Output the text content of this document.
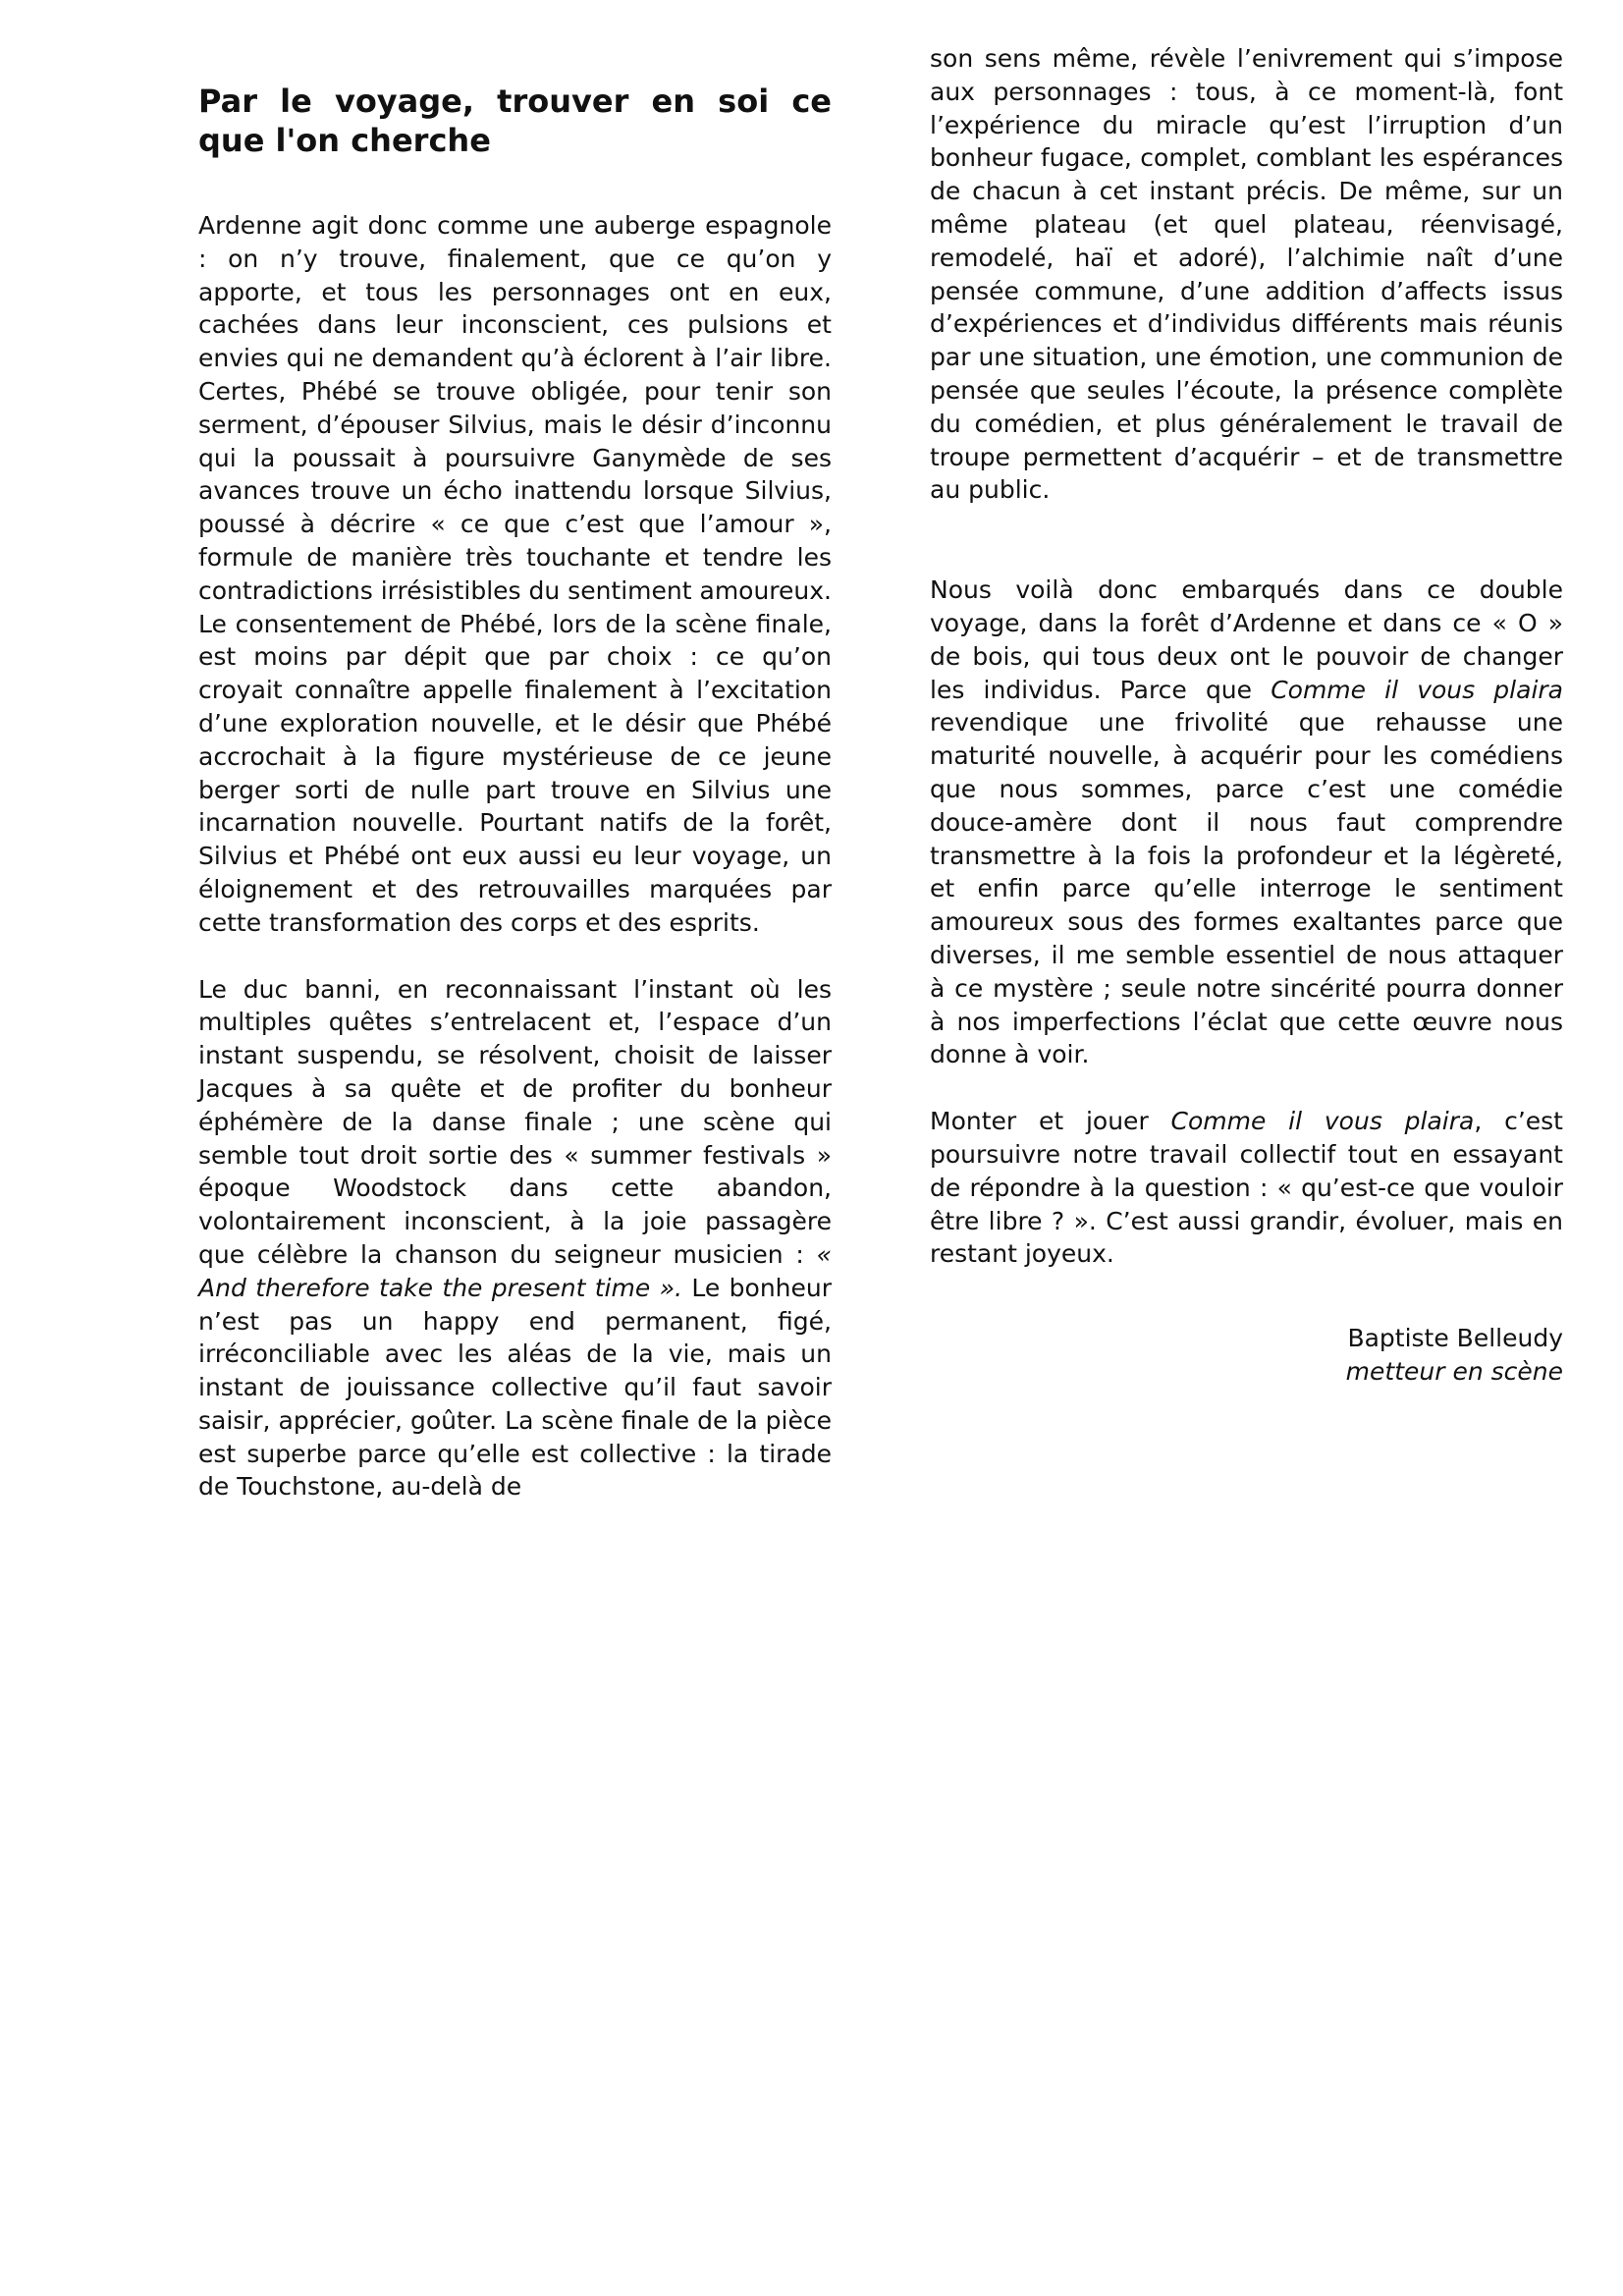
Par le voyage, trouver en soi ce que l'on cherche

Ardenne agit donc comme une auberge espagnole : on n’y trouve, finalement, que ce qu’on y apporte, et tous les personnages ont en eux, cachées dans leur inconscient, ces pulsions et envies qui ne demandent qu’à éclorent à l’air libre. Certes, Phébé se trouve obligée, pour tenir son serment, d’épouser Silvius, mais le désir d’inconnu qui la poussait à poursuivre Ganymède de ses avances trouve un écho inattendu lorsque Silvius, poussé à décrire « ce que c’est que l’amour », formule de manière très touchante et tendre les contradictions irrésistibles du sentiment amoureux. Le consentement de Phébé, lors de la scène finale, est moins par dépit que par choix : ce qu’on croyait connaître appelle finalement à l’excitation d’une exploration nouvelle, et le désir que Phébé accrochait à la figure mystérieuse de ce jeune berger sorti de nulle part trouve en Silvius une incarnation nouvelle. Pourtant natifs de la forêt, Silvius et Phébé ont eux aussi eu leur voyage, un éloignement et des retrouvailles marquées par cette transformation des corps et des esprits.

Le duc banni, en reconnaissant l’instant où les multiples quêtes s’entrelacent et, l’espace d’un instant suspendu, se résolvent, choisit de laisser Jacques à sa quête et de profiter du bonheur éphémère de la danse finale ; une scène qui semble tout droit sortie des « summer festivals » époque Woodstock dans cette abandon, volontairement inconscient, à la joie passagère que célèbre la chanson du seigneur musicien : « And therefore take the present time ». Le bonheur n’est pas un happy end permanent, figé, irréconciliable avec les aléas de la vie, mais un instant de jouissance collective qu’il faut savoir saisir, apprécier, goûter. La scène finale de la pièce est superbe parce qu’elle est collective : la tirade de Touchstone, au-delà de

son sens même, révèle l’enivrement qui s’impose aux personnages : tous, à ce moment-là, font l’expérience du miracle qu’est l’irruption d’un bonheur fugace, complet, comblant les espérances de chacun à cet instant précis. De même, sur un même plateau (et quel plateau, réenvisagé, remodelé, haï et adoré), l’alchimie naît d’une pensée commune, d’une addition d’affects issus d’expériences et d’individus différents mais réunis par une situation, une émotion, une communion de pensée que seules l’écoute, la présence complète du comédien, et plus généralement le travail de troupe permettent d’acquérir – et de transmettre au public.

Nous voilà donc embarqués dans ce double voyage, dans la forêt d’Ardenne et dans ce « O » de bois, qui tous deux ont le pouvoir de changer les individus. Parce que Comme il vous plaira revendique une frivolité que rehausse une maturité nouvelle, à acquérir pour les comédiens que nous sommes, parce c’est une comédie douce-amère dont il nous faut comprendre transmettre à la fois la profondeur et la légèreté, et enfin parce qu’elle interroge le sentiment amoureux sous des formes exaltantes parce que diverses, il me semble essentiel de nous attaquer à ce mystère ; seule notre sincérité pourra donner à nos imperfections l’éclat que cette œuvre nous donne à voir.

Monter et jouer Comme il vous plaira, c’est poursuivre notre travail collectif tout en essayant de répondre à la question : « qu’est-ce que vouloir être libre ? ». C’est aussi grandir, évoluer, mais en restant joyeux.

Baptiste Belleudy
metteur en scène
